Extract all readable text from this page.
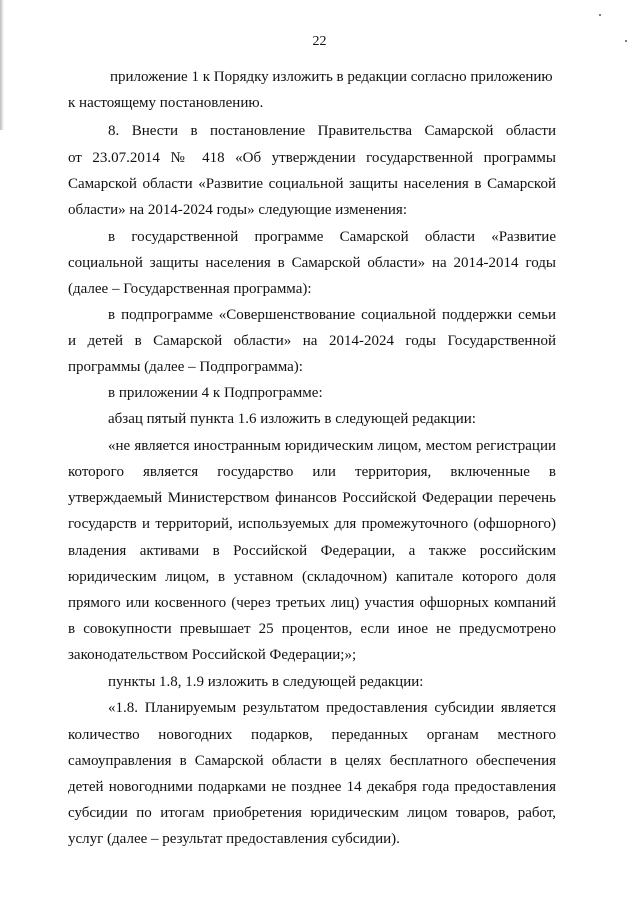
22
приложение 1 к Порядку изложить в редакции согласно приложению
к настоящему постановлению.
8. Внести в постановление Правительства Самарской области
от 23.07.2014 № 418 «Об утверждении государственной программы
Самарской области «Развитие социальной защиты населения в Самарской
области» на 2014-2024 годы» следующие изменения:
в государственной программе Самарской области «Развитие
социальной защиты населения в Самарской области» на 2014-2014 годы
(далее – Государственная программа):
в подпрограмме «Совершенствование социальной поддержки семьи
и детей в Самарской области» на 2014-2024 годы Государственной
программы (далее – Подпрограмма):
в приложении 4 к Подпрограмме:
абзац пятый пункта 1.6 изложить в следующей редакции:
«не является иностранным юридическим лицом, местом регистрации
которого является государство или территория, включенные в
утверждаемый Министерством финансов Российской Федерации перечень
государств и территорий, используемых для промежуточного (офшорного)
владения активами в Российской Федерации, а также российским
юридическим лицом, в уставном (складочном) капитале которого доля
прямого или косвенного (через третьих лиц) участия офшорных компаний
в совокупности превышает 25 процентов, если иное не предусмотрено
законодательством Российской Федерации;»;
пункты 1.8, 1.9 изложить в следующей редакции:
«1.8. Планируемым результатом предоставления субсидии является
количество новогодних подарков, переданных органам местного
самоуправления в Самарской области в целях бесплатного обеспечения
детей новогодними подарками не позднее 14 декабря года предоставления
субсидии по итогам приобретения юридическим лицом товаров, работ,
услуг (далее – результат предоставления субсидии).
